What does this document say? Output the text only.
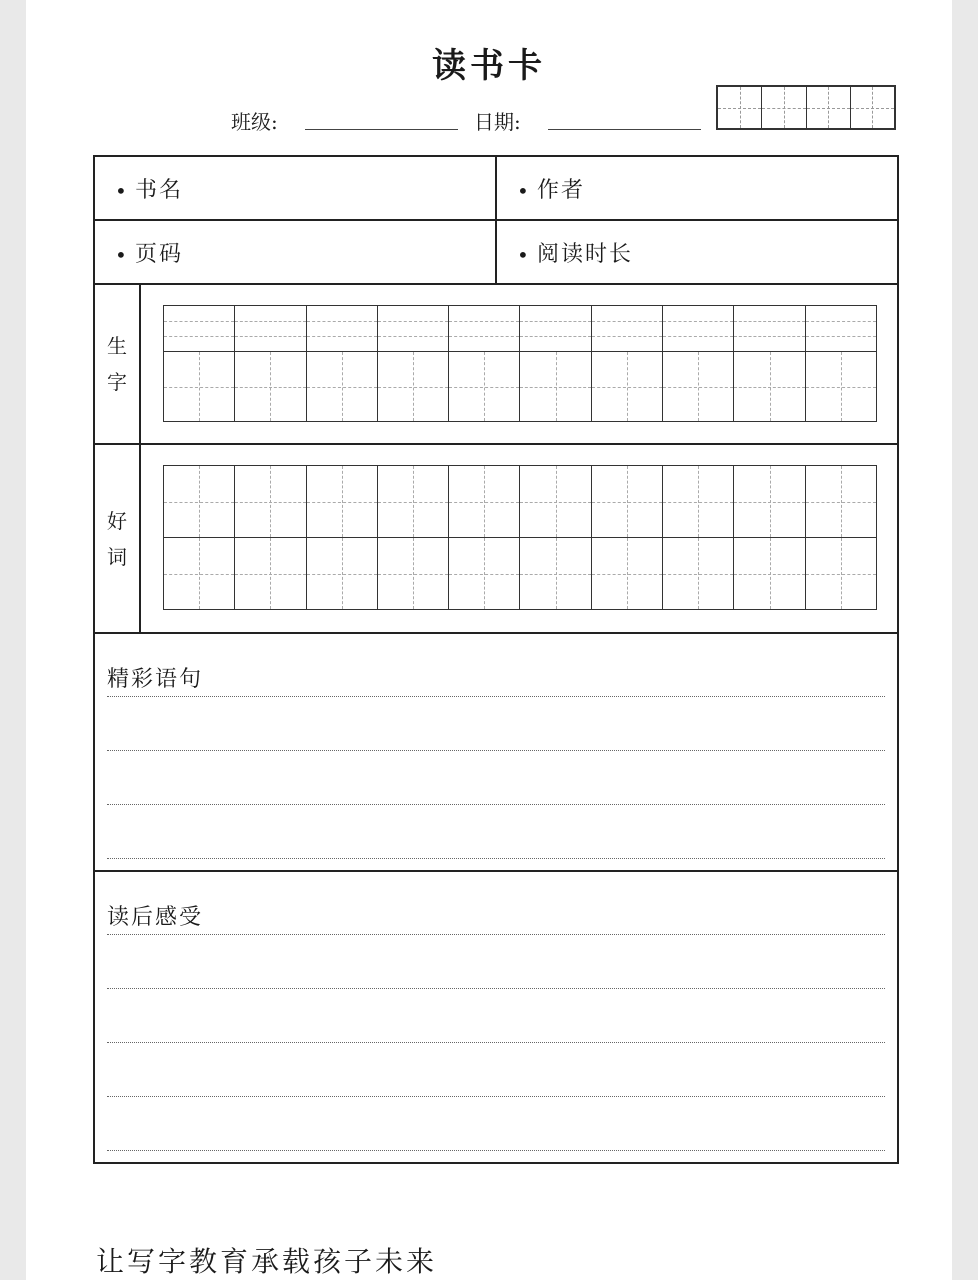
读书卡
班级:	日期:
• 书名	• 作者
• 页码	• 阅读时长
生
字
好
词
精彩语句
读后感受
让写字教育承载孩子未来
